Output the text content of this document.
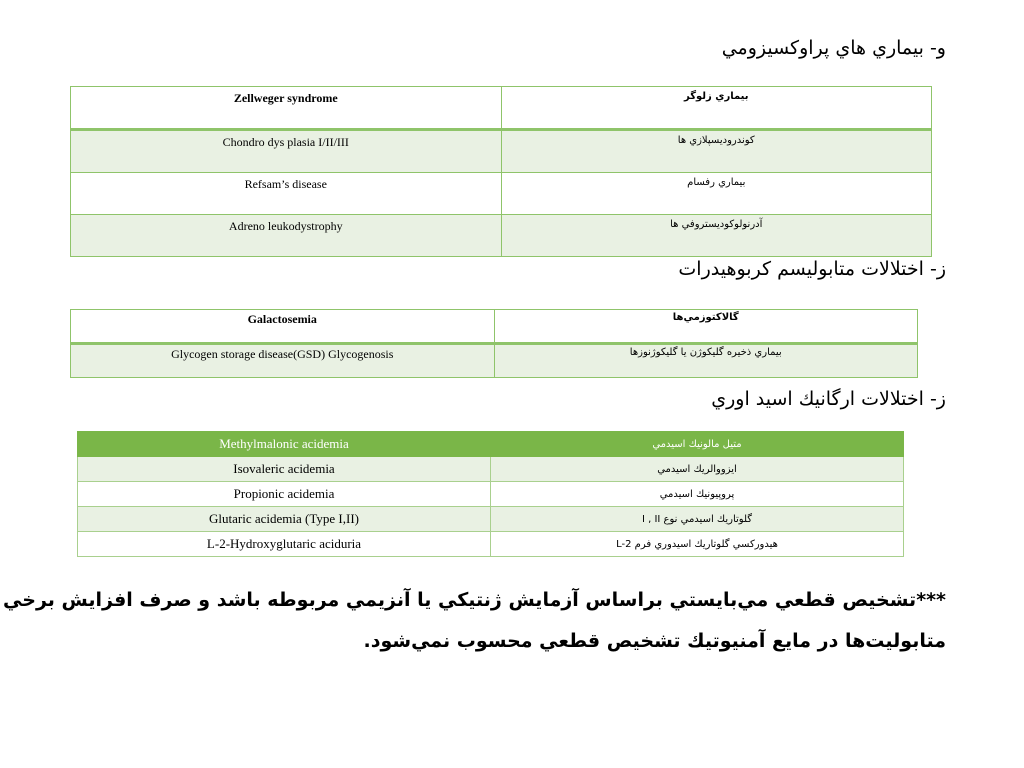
و- بيماري هاي پراوكسيزومي
Zellweger syndrome	بيماري زلوگر
Chondro dys plasia I/II/III	كوندروديسپلازي ها
Refsam’s disease	بيماري رفسام
Adreno leukodystrophy	آدرنولوكوديستروفي ها
ز- اختلالات متابوليسم كربوهيدرات
Galactosemia	گالاكتوزمي‌ها
Glycogen storage disease(GSD) Glycogenosis	بيماري ذخيره گليكوژن يا گليكوژنوزها
ز- اختلالات ارگانيك اسيد اوري
Methylmalonic acidemia	متيل مالونيك اسيدمي
Isovaleric acidemia	ايزووالريك اسيدمي
Propionic acidemia	پروپيونيك اسيدمي
Glutaric acidemia (Type I,II)	گلوتاريك اسيدمي نوع I , II
L-2-Hydroxyglutaric aciduria	هيدوركسي گلوتاريك اسيدوري فرم L-2
***تشخيص قطعي مي‌بايستي براساس آزمايش ژنتيكي يا آنزيمي مربوطه باشد و صرف افزايش برخي
متابوليت‌ها در مايع آمنيوتيك تشخيص قطعي محسوب نمي‌شود.
